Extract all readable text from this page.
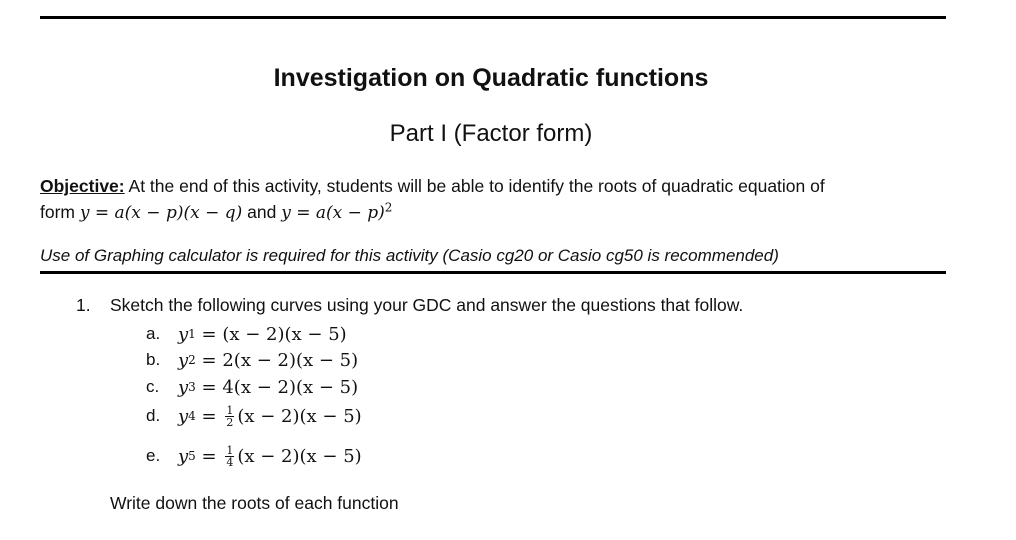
Investigation on Quadratic functions
Part I (Factor form)
Objective: At the end of this activity, students will be able to identify the roots of quadratic equation of
form y = a(x − p)(x − q) and $y = a(x - p)^2$
Use of Graphing calculator is required for this activity (Casio cg20 or Casio cg50 is recommended)
1. Sketch the following curves using your GDC and answer the questions that follow.
a. y 1 = (x − 2)(x − 5)
b. y 2 = 2 (x − 2)(x − 5)
c.	y 3 = 4 (x − 2)(x − 5)
d. y $4 = \frac{1}{2} (x - 2)(x - 5)$
e. y $5 = \frac{1}{4} (x - 2)(x - 5)$
Write down the roots of each function
